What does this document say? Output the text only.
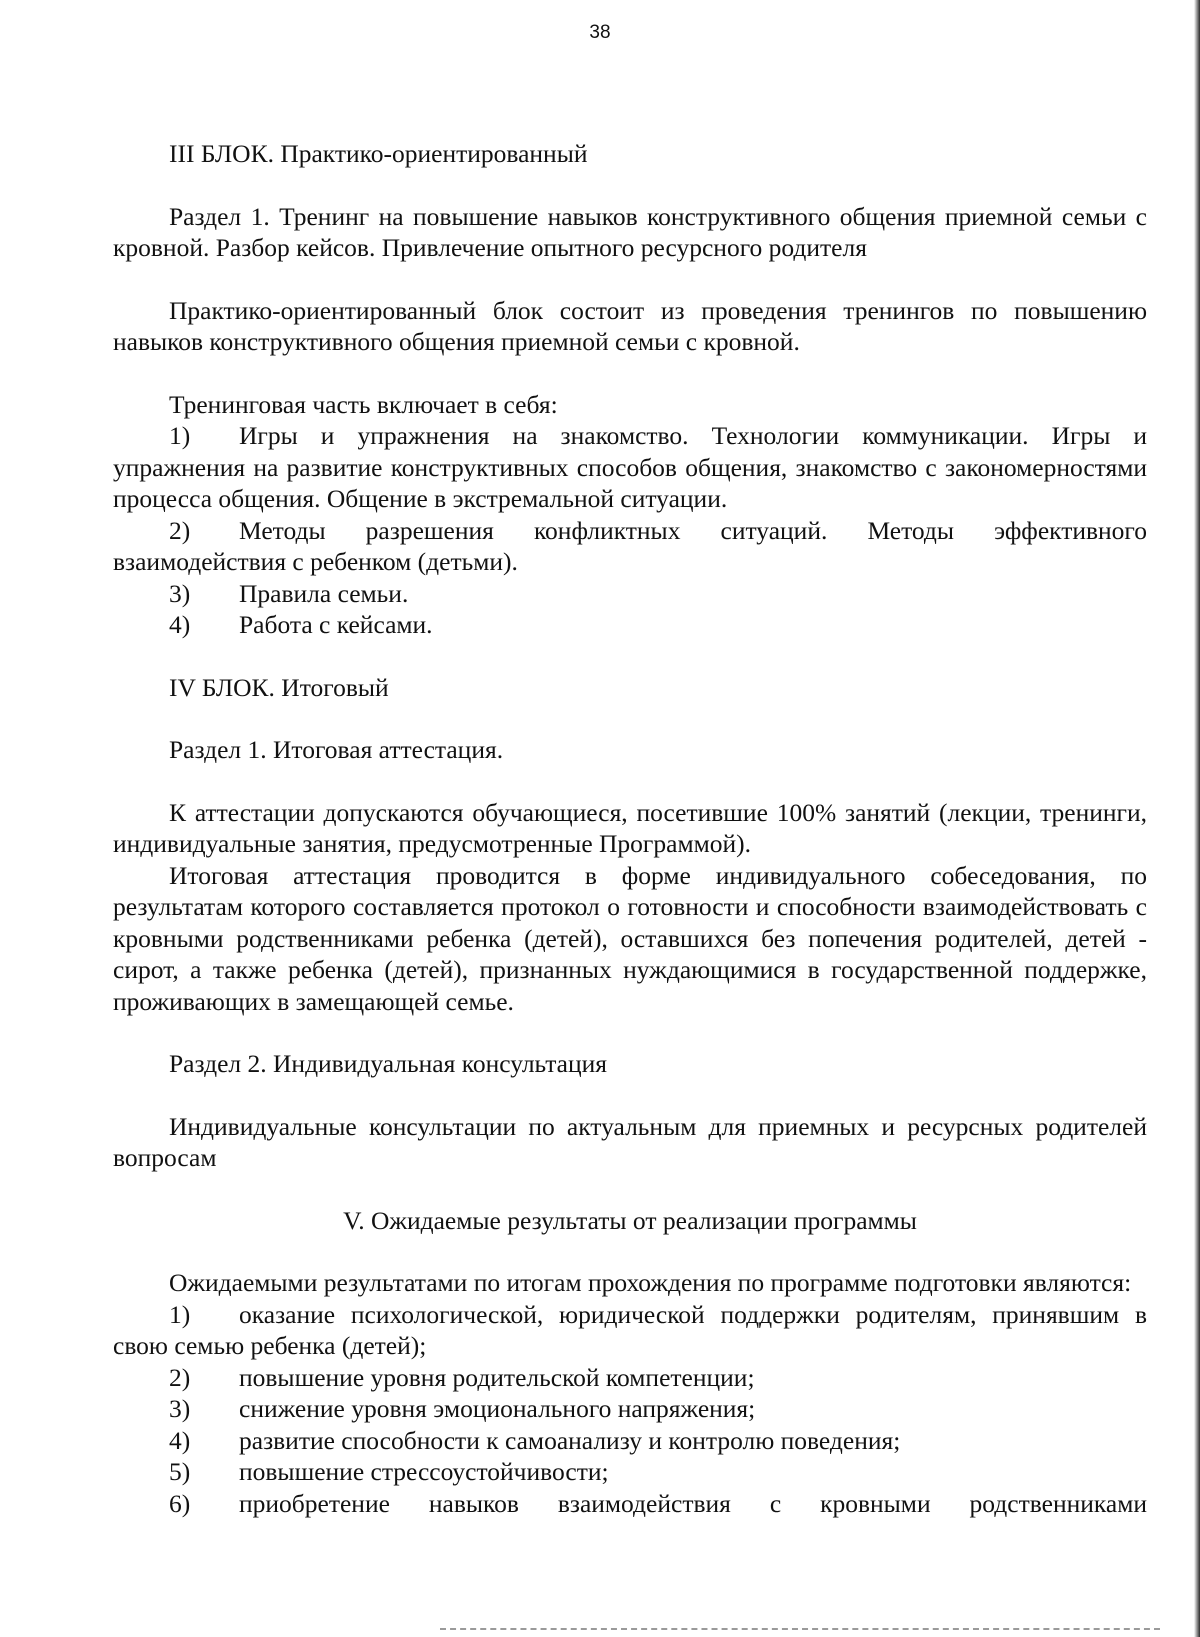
38

III БЛОК. Практико-ориентированный

Раздел 1. Тренинг на повышение навыков конструктивного общения приемной семьи с кровной. Разбор кейсов. Привлечение опытного ресурсного родителя

Практико-ориентированный блок состоит из проведения тренингов по повышению навыков конструктивного общения приемной семьи с кровной.

Тренинговая часть включает в себя:

1) Игры и упражнения на знакомство. Технологии коммуникации. Игры и упражнения на развитие конструктивных способов общения, знакомство с закономерностями процесса общения. Общение в экстремальной ситуации.

2) Методы разрешения конфликтных ситуаций. Методы эффективного взаимодействия с ребенком (детьми).

3) Правила семьи.

4) Работа с кейсами.

IV БЛОК. Итоговый

Раздел 1. Итоговая аттестация.

К аттестации допускаются обучающиеся, посетившие 100% занятий (лекции, тренинги, индивидуальные занятия, предусмотренные Программой).

Итоговая аттестация проводится в форме индивидуального собеседования, по результатам которого составляется протокол о готовности и способности взаимодействовать с кровными родственниками ребенка (детей), оставшихся без попечения родителей, детей - сирот, а также ребенка (детей), признанных нуждающимися в государственной поддержке, проживающих в замещающей семье.

Раздел 2. Индивидуальная консультация

Индивидуальные консультации по актуальным для приемных и ресурсных родителей вопросам

V. Ожидаемые результаты от реализации программы

Ожидаемыми результатами по итогам прохождения по программе подготовки являются:

1) оказание психологической, юридической поддержки родителям, принявшим в свою семью ребенка (детей);

2) повышение уровня родительской компетенции;

3) снижение уровня эмоционального напряжения;

4) развитие способности к самоанализу и контролю поведения;

5) повышение стрессоустойчивости;

6) приобретение навыков взаимодействия с кровными родственниками
